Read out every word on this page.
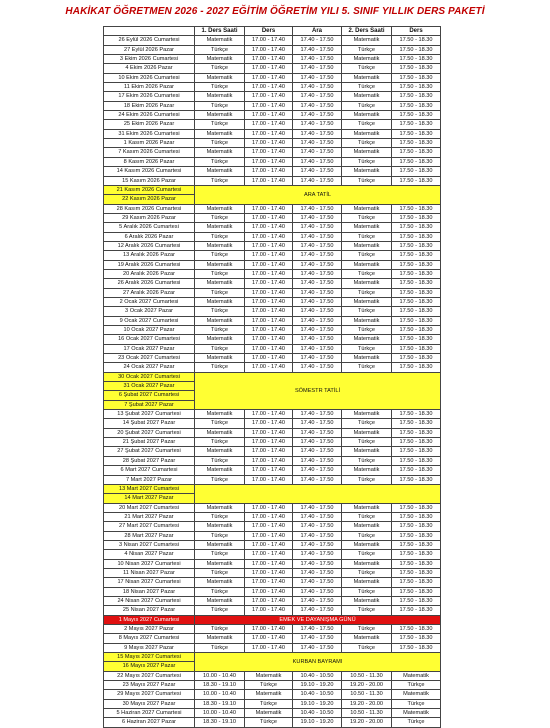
HAKİKAT ÖĞRETMEN 2026 - 2027 EĞİTİM ÖĞRETİM YILI 5. SINIF YILLIK DERS PAKETİ
	1. Ders Saati	Ders	Ara	2. Ders Saati	Ders
26 Eylül 2026 Cumartesi	Matematik	17.00 - 17.40	17.40 - 17.50	Matematik	17.50 - 18.30
27 Eylül 2026 Pazar	Türkçe	17.00 - 17.40	17.40 - 17.50	Türkçe	17.50 - 18.30
3 Ekim 2026 Cumartesi	Matematik	17.00 - 17.40	17.40 - 17.50	Matematik	17.50 - 18.30
4 Ekim 2026 Pazar	Türkçe	17.00 - 17.40	17.40 - 17.50	Türkçe	17.50 - 18.30
10 Ekim 2026 Cumartesi	Matematik	17.00 - 17.40	17.40 - 17.50	Matematik	17.50 - 18.30
11 Ekim 2026 Pazar	Türkçe	17.00 - 17.40	17.40 - 17.50	Türkçe	17.50 - 18.30
17 Ekim 2026 Cumartesi	Matematik	17.00 - 17.40	17.40 - 17.50	Matematik	17.50 - 18.30
18 Ekim 2026 Pazar	Türkçe	17.00 - 17.40	17.40 - 17.50	Türkçe	17.50 - 18.30
24 Ekim 2026 Cumartesi	Matematik	17.00 - 17.40	17.40 - 17.50	Matematik	17.50 - 18.30
25 Ekim 2026 Pazar	Türkçe	17.00 - 17.40	17.40 - 17.50	Türkçe	17.50 - 18.30
31 Ekim 2026 Cumartesi	Matematik	17.00 - 17.40	17.40 - 17.50	Matematik	17.50 - 18.30
1 Kasım 2026 Pazar	Türkçe	17.00 - 17.40	17.40 - 17.50	Türkçe	17.50 - 18.30
7 Kasım 2026 Cumartesi	Matematik	17.00 - 17.40	17.40 - 17.50	Matematik	17.50 - 18.30
8 Kasım 2026 Pazar	Türkçe	17.00 - 17.40	17.40 - 17.50	Türkçe	17.50 - 18.30
14 Kasım 2026 Cumartesi	Matematik	17.00 - 17.40	17.40 - 17.50	Matematik	17.50 - 18.30
15 Kasım 2026 Pazar	Türkçe	17.00 - 17.40	17.40 - 17.50	Türkçe	17.50 - 18.30
21 Kasım 2026 Cumartesi	ARA TATİL				
22 Kasım 2026 Pazar					
28 Kasım 2026 Cumartesi	Matematik	17.00 - 17.40	17.40 - 17.50	Matematik	17.50 - 18.30
29 Kasım 2026 Pazar	Türkçe	17.00 - 17.40	17.40 - 17.50	Türkçe	17.50 - 18.30
5 Aralık 2026 Cumartesi	Matematik	17.00 - 17.40	17.40 - 17.50	Matematik	17.50 - 18.30
6 Aralık 2026 Pazar	Türkçe	17.00 - 17.40	17.40 - 17.50	Türkçe	17.50 - 18.30
12 Aralık 2026 Cumartesi	Matematik	17.00 - 17.40	17.40 - 17.50	Matematik	17.50 - 18.30
13 Aralık 2026 Pazar	Türkçe	17.00 - 17.40	17.40 - 17.50	Türkçe	17.50 - 18.30
19 Aralık 2026 Cumartesi	Matematik	17.00 - 17.40	17.40 - 17.50	Matematik	17.50 - 18.30
20 Aralık 2026 Pazar	Türkçe	17.00 - 17.40	17.40 - 17.50	Türkçe	17.50 - 18.30
26 Aralık 2026 Cumartesi	Matematik	17.00 - 17.40	17.40 - 17.50	Matematik	17.50 - 18.30
27 Aralık 2026 Pazar	Türkçe	17.00 - 17.40	17.40 - 17.50	Türkçe	17.50 - 18.30
2 Ocak 2027 Cumartesi	Matematik	17.00 - 17.40	17.40 - 17.50	Matematik	17.50 - 18.30
3 Ocak 2027 Pazar	Türkçe	17.00 - 17.40	17.40 - 17.50	Türkçe	17.50 - 18.30
9 Ocak 2027 Cumartesi	Matematik	17.00 - 17.40	17.40 - 17.50	Matematik	17.50 - 18.30
10 Ocak 2027 Pazar	Türkçe	17.00 - 17.40	17.40 - 17.50	Türkçe	17.50 - 18.30
16 Ocak 2027 Cumartesi	Matematik	17.00 - 17.40	17.40 - 17.50	Matematik	17.50 - 18.30
17 Ocak 2027 Pazar	Türkçe	17.00 - 17.40	17.40 - 17.50	Türkçe	17.50 - 18.30
23 Ocak 2027 Cumartesi	Matematik	17.00 - 17.40	17.40 - 17.50	Matematik	17.50 - 18.30
24 Ocak 2027 Pazar	Türkçe	17.00 - 17.40	17.40 - 17.50	Türkçe	17.50 - 18.30
30 Ocak 2027 Cumartesi	SÖMESTR TATİLİ				
31 Ocak 2027 Pazar					
6 Şubat 2027 Cumartesi					
7 Şubat 2027 Pazar					
13 Şubat 2027 Cumartesi	Matematik	17.00 - 17.40	17.40 - 17.50	Matematik	17.50 - 18.30
14 Şubat 2027 Pazar	Türkçe	17.00 - 17.40	17.40 - 17.50	Türkçe	17.50 - 18.30
20 Şubat 2027 Cumartesi	Matematik	17.00 - 17.40	17.40 - 17.50	Matematik	17.50 - 18.30
21 Şubat 2027 Pazar	Türkçe	17.00 - 17.40	17.40 - 17.50	Türkçe	17.50 - 18.30
27 Şubat 2027 Cumartesi	Matematik	17.00 - 17.40	17.40 - 17.50	Matematik	17.50 - 18.30
28 Şubat 2027 Pazar	Türkçe	17.00 - 17.40	17.40 - 17.50	Türkçe	17.50 - 18.30
6 Mart 2027 Cumartesi	Matematik	17.00 - 17.40	17.40 - 17.50	Matematik	17.50 - 18.30
7 Mart 2027 Pazar	Türkçe	17.00 - 17.40	17.40 - 17.50	Türkçe	17.50 - 18.30
13 Mart 2027 Cumartesi					
14 Mart 2027 Pazar					
20 Mart 2027 Cumartesi	Matematik	17.00 - 17.40	17.40 - 17.50	Matematik	17.50 - 18.30
21 Mart 2027 Pazar	Türkçe	17.00 - 17.40	17.40 - 17.50	Türkçe	17.50 - 18.30
27 Mart 2027 Cumartesi	Matematik	17.00 - 17.40	17.40 - 17.50	Matematik	17.50 - 18.30
28 Mart 2027 Pazar	Türkçe	17.00 - 17.40	17.40 - 17.50	Türkçe	17.50 - 18.30
3 Nisan 2027 Cumartesi	Matematik	17.00 - 17.40	17.40 - 17.50	Matematik	17.50 - 18.30
4 Nisan 2027 Pazar	Türkçe	17.00 - 17.40	17.40 - 17.50	Türkçe	17.50 - 18.30
10 Nisan 2027 Cumartesi	Matematik	17.00 - 17.40	17.40 - 17.50	Matematik	17.50 - 18.30
11 Nisan 2027 Pazar	Türkçe	17.00 - 17.40	17.40 - 17.50	Türkçe	17.50 - 18.30
17 Nisan 2027 Cumartesi	Matematik	17.00 - 17.40	17.40 - 17.50	Matematik	17.50 - 18.30
18 Nisan 2027 Pazar	Türkçe	17.00 - 17.40	17.40 - 17.50	Türkçe	17.50 - 18.30
24 Nisan 2027 Cumartesi	Matematik	17.00 - 17.40	17.40 - 17.50	Matematik	17.50 - 18.30
25 Nisan 2027 Pazar	Türkçe	17.00 - 17.40	17.40 - 17.50	Türkçe	17.50 - 18.30
1 Mayıs 2027 Cumartesi	EMEK VE DAYANIŞMA GÜNÜ				
2 Mayıs 2027 Pazar	Türkçe	17.00 - 17.40	17.40 - 17.50	Türkçe	17.50 - 18.30
8 Mayıs 2027 Cumartesi	Matematik	17.00 - 17.40	17.40 - 17.50	Matematik	17.50 - 18.30
9 Mayıs 2027 Pazar	Türkçe	17.00 - 17.40	17.40 - 17.50	Türkçe	17.50 - 18.30
15 Mayıs 2027 Cumartesi	KURBAN BAYRAMI				
16 Mayıs 2027 Pazar					
22 Mayıs 2027 Cumartesi	10.00 - 10.40	Matematik	10.40 - 10.50	10.50 - 11.30	Matematik
23 Mayıs 2027 Pazar	18.30 - 19.10	Türkçe	19.10 - 19.20	19.20 - 20.00	Türkçe
29 Mayıs 2027 Cumartesi	10.00 - 10.40	Matematik	10.40 - 10.50	10.50 - 11.30	Matematik
30 Mayıs 2027 Pazar	18.30 - 19.10	Türkçe	19.10 - 19.20	19.20 - 20.00	Türkçe
5 Haziran 2027 Cumartesi	10.00 - 10.40	Matematik	10.40 - 10.50	10.50 - 11.30	Matematik
6 Haziran 2027 Pazar	18.30 - 19.10	Türkçe	19.10 - 19.20	19.20 - 20.00	Türkçe
